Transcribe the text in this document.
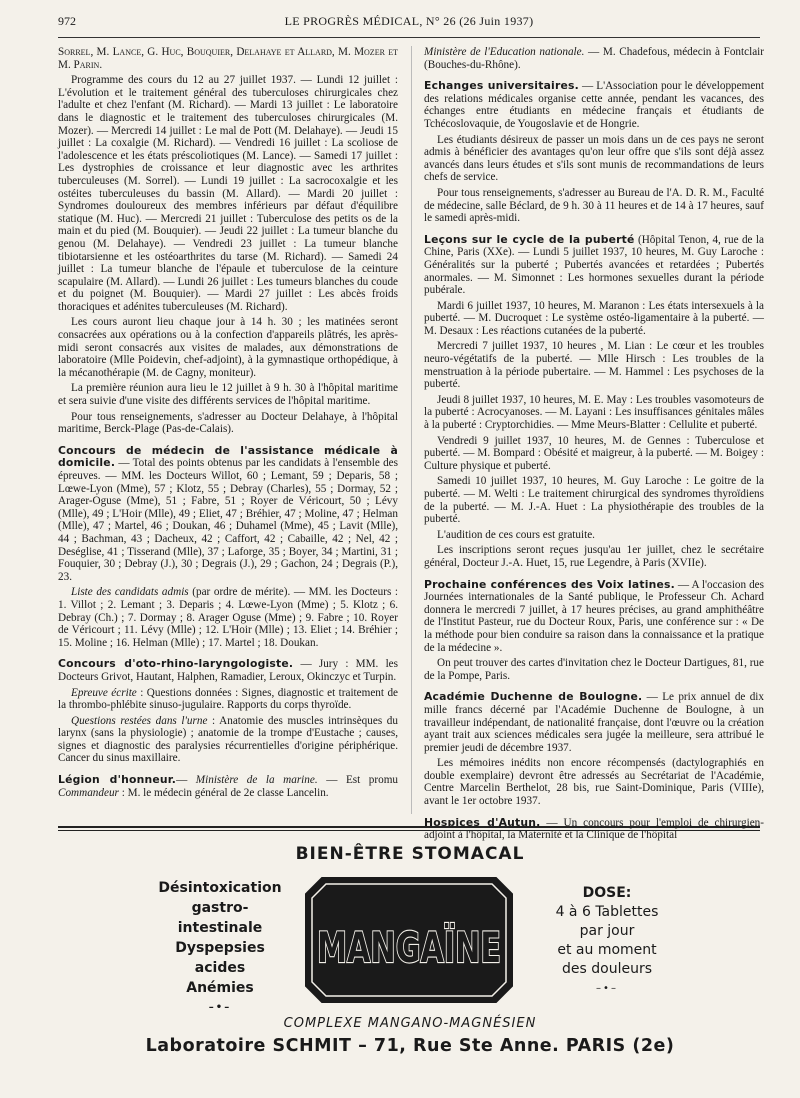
972	LE PROGRÈS MÉDICAL, N° 26 (26 Juin 1937)

Sorrel, M. Lance, G. Huc, Bouquier, Delahaye et Allard, M. Mozer et M. Parin.

Programme des cours du 12 au 27 juillet 1937. — Lundi 12 juillet : L'évolution et le traitement général des tuberculoses chirurgicales chez l'adulte et chez l'enfant (M. Richard). — Mardi 13 juillet : Le laboratoire dans le diagnostic et le traitement des tuberculoses chirurgicales (M. Mozer). — Mercredi 14 juillet : Le mal de Pott (M. Delahaye). — Jeudi 15 juillet : La coxalgie (M. Richard). — Vendredi 16 juillet : La scoliose de l'adolescence et les états préscoliotiques (M. Lance). — Samedi 17 juillet : Les dystrophies de croissance et leur diagnostic avec les arthrites tuberculeuses (M. Sorrel). — Lundi 19 juillet : La sacrocoxalgie et les ostéites tuberculeuses du bassin (M. Allard). — Mardi 20 juillet : Syndromes douloureux des membres inférieurs par défaut d'équilibre statique (M. Huc). — Mercredi 21 juillet : Tuberculose des petits os de la main et du pied (M. Bouquier). — Jeudi 22 juillet : La tumeur blanche du genou (M. Delahaye). — Vendredi 23 juillet : La tumeur blanche tibiotarsienne et les ostéoarthrites du tarse (M. Richard). — Samedi 24 juillet : La tumeur blanche de l'épaule et tuberculose de la ceinture scapulaire (M. Allard). — Lundi 26 juillet : Les tumeurs blanches du coude et du poignet (M. Bouquier). — Mardi 27 juillet : Les abcès froids thoraciques et adénites tuberculeuses (M. Richard).

Les cours auront lieu chaque jour à 14 h. 30 ; les matinées seront consacrées aux opérations ou à la confection d'appareils plâtrés, les après-midi seront consacrés aux visites de malades, aux démonstrations de laboratoire (Mlle Poidevin, chef-adjoint), à la gymnastique orthopédique, à la mécanothérapie (M. de Cagny, moniteur).

La première réunion aura lieu le 12 juillet à 9 h. 30 à l'hôpital maritime et sera suivie d'une visite des différents services de l'hôpital maritime.

Pour tous renseignements, s'adresser au Docteur Delahaye, à l'hôpital maritime, Berck-Plage (Pas-de-Calais).

Concours de médecin de l'assistance médicale à domicile. — Total des points obtenus par les candidats à l'ensemble des épreuves. — MM. les Docteurs Willot, 60 ; Lemant, 59 ; Deparis, 58 ; Lœwe-Lyon (Mme), 57 ; Klotz, 55 ; Debray (Charles), 55 ; Dormay, 52 ; Arager-Oguse (Mme), 51 ; Fabre, 51 ; Royer de Véricourt, 50 ; Lévy (Mlle), 49 ; L'Hoir (Mlle), 49 ; Eliet, 47 ; Bréhier, 47 ; Moline, 47 ; Helman (Mlle), 47 ; Martel, 46 ; Doukan, 46 ; Duhamel (Mme), 45 ; Lavit (Mlle), 44 ; Bachman, 43 ; Dacheux, 42 ; Caffort, 42 ; Cabaille, 42 ; Nel, 42 ; Deséglise, 41 ; Tisserand (Mlle), 37 ; Laforge, 35 ; Boyer, 34 ; Martini, 31 ; Fouquier, 30 ; Debray (J.), 30 ; Degrais (J.), 29 ; Gachon, 24 ; Degrais (P.), 23.

Liste des candidats admis (par ordre de mérite). — MM. les Docteurs : 1. Villot ; 2. Lemant ; 3. Deparis ; 4. Lœwe-Lyon (Mme) ; 5. Klotz ; 6. Debray (Ch.) ; 7. Dormay ; 8. Arager Oguse (Mme) ; 9. Fabre ; 10. Royer de Véricourt ; 11. Lévy (Mlle) ; 12. L'Hoir (Mlle) ; 13. Eliet ; 14. Bréhier ; 15. Moline ; 16. Helman (Mlle) ; 17. Martel ; 18. Doukan.

Concours d'oto-rhino-laryngologiste. — Jury : MM. les Docteurs Grivot, Hautant, Halphen, Ramadier, Leroux, Okinczyc et Turpin.

Epreuve écrite : Questions données : Signes, diagnostic et traitement de la thrombo-phlébite sinuso-jugulaire. Rapports du corps thyroïde.

Questions restées dans l'urne : Anatomie des muscles intrinsèques du larynx (sans la physiologie) ; anatomie de la trompe d'Eustache ; causes, signes et diagnostic des paralysies récurrentielles d'origine périphérique. Cancer du sinus maxillaire.

Légion d'honneur.— Ministère de la marine. — Est promu Commandeur : M. le médecin général de 2e classe Lancelin.

Ministère de l'Education nationale. — M. Chadefous, médecin à Fontclair (Bouches-du-Rhône).

Echanges universitaires. — L'Association pour le développement des relations médicales organise cette année, pendant les vacances, des échanges entre étudiants en médecine français et étudiants de Tchécoslovaquie, de Yougoslavie et de Hongrie.

Les étudiants désireux de passer un mois dans un de ces pays ne seront admis à bénéficier des avantages qu'on leur offre que s'ils sont déjà assez avancés dans leurs études et s'ils sont munis de recommandations de leurs chefs de service.

Pour tous renseignements, s'adresser au Bureau de l'A. D. R. M., Faculté de médecine, salle Béclard, de 9 h. 30 à 11 heures et de 14 à 17 heures, sauf le samedi après-midi.

Leçons sur le cycle de la puberté (Hôpital Tenon, 4, rue de la Chine, Paris (XXe). — Lundi 5 juillet 1937, 10 heures, M. Guy Laroche : Généralités sur la puberté ; Pubertés avancées et retardées ; Pubertés anormales. — M. Simonnet : Les hormones sexuelles durant la période pubérale.

Mardi 6 juillet 1937, 10 heures, M. Maranon : Les états intersexuels à la puberté. — M. Ducroquet : Le système ostéo-ligamentaire à la puberté. — M. Desaux : Les réactions cutanées de la puberté.

Mercredi 7 juillet 1937, 10 heures , M. Lian : Le cœur et les troubles neuro-végétatifs de la puberté. — Mlle Hirsch : Les troubles de la menstruation à la période pubertaire. — M. Hammel : Les psychoses de la puberté.

Jeudi 8 juillet 1937, 10 heures, M. E. May : Les troubles vasomoteurs de la puberté : Acrocyanoses. — M. Layani : Les insuffisances génitales mâles à la puberté : Cryptorchidies. — Mme Meurs-Blatter : Cellulite et puberté.

Vendredi 9 juillet 1937, 10 heures, M. de Gennes : Tuberculose et puberté. — M. Bompard : Obésité et maigreur, à la puberté. — M. Boigey : Culture physique et puberté.

Samedi 10 juillet 1937, 10 heures, M. Guy Laroche : Le goitre de la puberté. — M. Welti : Le traitement chirurgical des syndromes thyroïdiens de la puberté. — M. J.-A. Huet : La physiothérapie des troubles de la puberté.

L'audition de ces cours est gratuite.

Les inscriptions seront reçues jusqu'au 1er juillet, chez le secrétaire général, Docteur J.-A. Huet, 15, rue Legendre, à Paris (XVIIe).

Prochaine conférences des Voix latines. — A l'occasion des Journées internationales de la Santé publique, le Professeur Ch. Achard donnera le mercredi 7 juillet, à 17 heures précises, au grand amphithéâtre de l'Institut Pasteur, rue du Docteur Roux, Paris, une conférence sur : « De la méthode pour bien conduire sa raison dans la connaissance et la pratique de la médecine ».

On peut trouver des cartes d'invitation chez le Docteur Dartigues, 81, rue de la Pompe, Paris.

Académie Duchenne de Boulogne. — Le prix annuel de dix mille francs décerné par l'Académie Duchenne de Boulogne, à un travailleur indépendant, de nationalité française, dont l'œuvre ou la création ayant trait aux sciences médicales sera jugée la meilleure, sera attribué le premier jeudi de décembre 1937.

Les mémoires inédits non encore récompensés (dactylographiés en double exemplaire) devront être adressés au Secrétariat de l'Académie, Centre Marcelin Berthelot, 28 bis, rue Saint-Dominique, Paris (VIIIe), avant le 1er octobre 1937.

Hospices d'Autun. — Un concours pour l'emploi de chirurgien-adjoint à l'hôpital, la Maternité et la Clinique de l'hôpital

BIEN-ÊTRE STOMACAL
Désintoxication
gastro-intestinale
Dyspepsies acides
Anémies
–•–
MANGAÏNE
DOSE:
4 à 6 Tablettes
par jour
et au moment
des douleurs
–•–
COMPLEXE MANGANO-MAGNÉSIEN
Laboratoire SCHMIT – 71, Rue Ste Anne. PARIS (2e)
